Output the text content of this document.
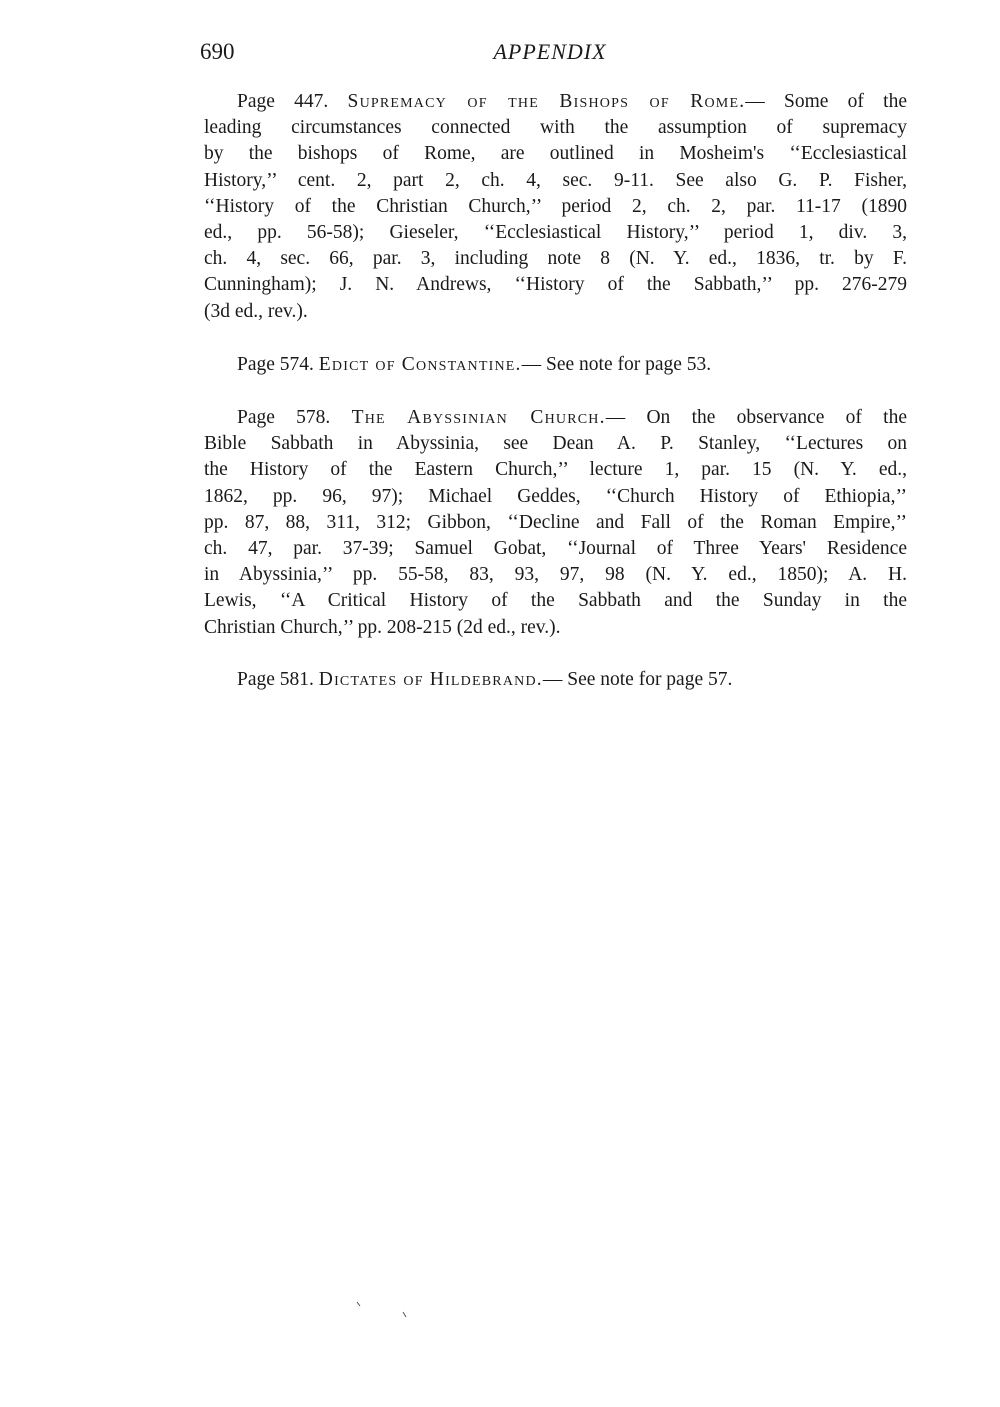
690	APPENDIX
Page 447. Supremacy of the Bishops of Rome.— Some of the
leading circumstances connected with the assumption of supremacy
by the bishops of Rome, are outlined in Mosheim's ‘‘Ecclesiastical
History,’’ cent. 2, part 2, ch. 4, sec. 9-11. See also G. P. Fisher,
‘‘History of the Christian Church,’’ period 2, ch. 2, par. 11-17 (1890
ed., pp. 56-58); Gieseler, ‘‘Ecclesiastical History,’’ period 1, div. 3,
ch. 4, sec. 66, par. 3, including note 8 (N. Y. ed., 1836, tr. by F.
Cunningham); J. N. Andrews, ‘‘History of the Sabbath,’’ pp. 276-279
(3d ed., rev.).
Page 574. Edict of Constantine.— See note for page 53.
Page 578. The Abyssinian Church.— On the observance of the
Bible Sabbath in Abyssinia, see Dean A. P. Stanley, ‘‘Lectures on
the History of the Eastern Church,’’ lecture 1, par. 15 (N. Y. ed.,
1862, pp. 96, 97); Michael Geddes, ‘‘Church History of Ethiopia,’’
pp. 87, 88, 311, 312; Gibbon, ‘‘Decline and Fall of the Roman Empire,’’
ch. 47, par. 37-39; Samuel Gobat, ‘‘Journal of Three Years' Residence
in Abyssinia,’’ pp. 55-58, 83, 93, 97, 98 (N. Y. ed., 1850); A. H.
Lewis, ‘‘A Critical History of the Sabbath and the Sunday in the
Christian Church,’’ pp. 208-215 (2d ed., rev.).
Page 581. Dictates of Hildebrand.— See note for page 57.
